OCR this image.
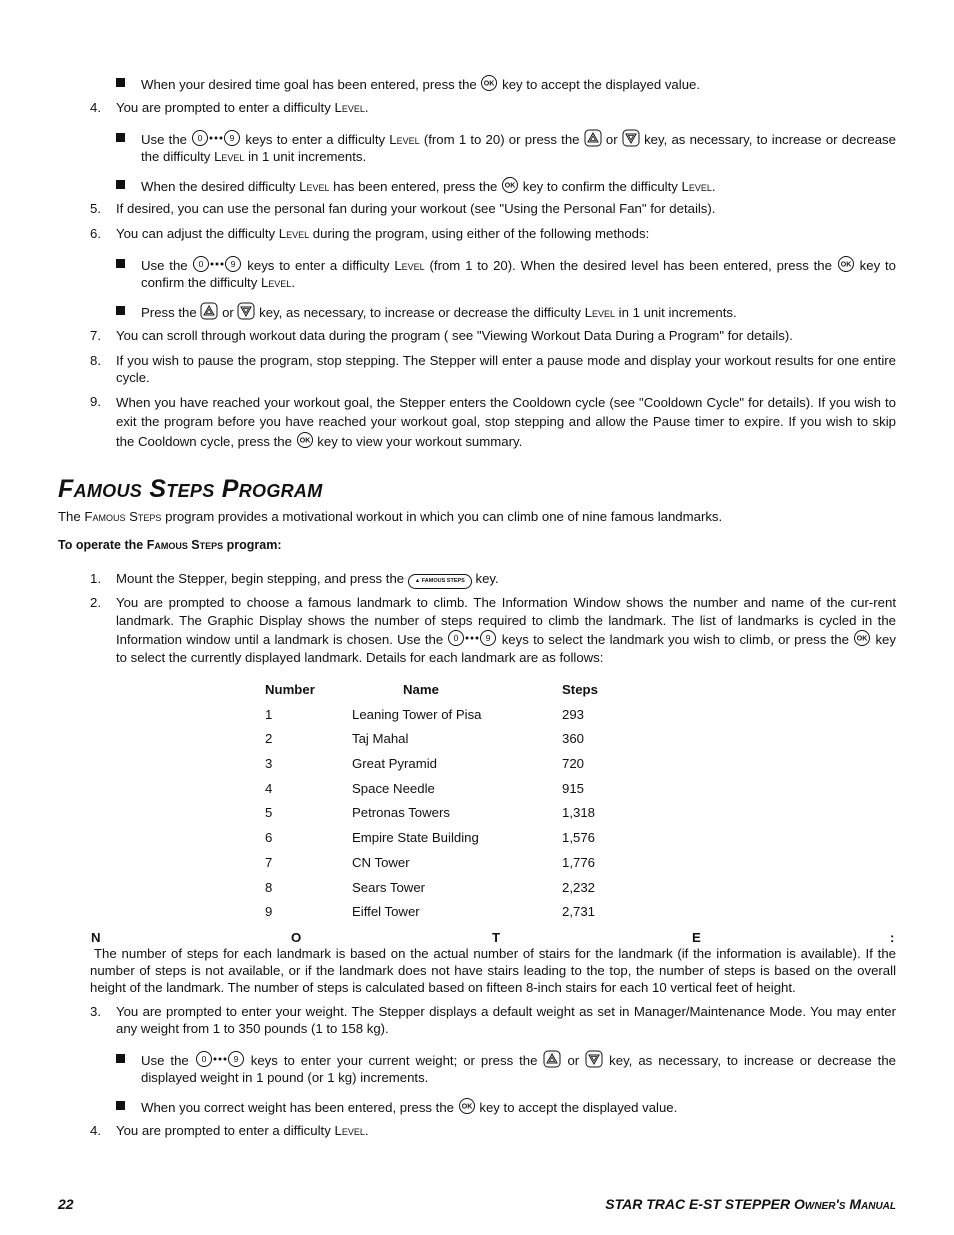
When your desired time goal has been entered, press the key to accept the displayed value.
4.	You are prompted to enter a difficulty Level.
Use the	keys to enter a difficulty Level (from 1 to 20) or press the or key, as necessary, to increase or decrease the difficulty Level in 1 unit increments.
When the desired difficulty Level has been entered, press the key to confirm the difficulty Level.
5.	If desired, you can use the personal fan during your workout (see "Using the Personal Fan" for details).
6.	You can adjust the difficulty Level during the program, using either of the following methods:
Use the	keys to enter a difficulty Level (from 1 to 20). When the desired level has been entered, press the key to confirm the difficulty Level.
Press the or key, as necessary, to increase or decrease the difficulty Level in 1 unit increments.
7.	You can scroll through workout data during the program ( see "Viewing Workout Data During a Program" for details).
8.	If you wish to pause the program, stop stepping. The Stepper will enter a pause mode and display your workout results for one entire cycle.
9.	When you have reached your workout goal, the Stepper enters the Cooldown cycle (see "Cooldown Cycle" for details). If you wish to exit the program before you have reached your workout goal, stop stepping and allow the Pause timer to expire. If you wish to skip the Cooldown cycle, press the key to view your workout summary.
Famous Steps Program
The Famous Steps program provides a motivational workout in which you can climb one of nine famous landmarks.
To operate the Famous Steps program:
1.	Mount the Stepper, begin stepping, and press the ▲ FAMOUS STEPS key.
2.	You are prompted to choose a famous landmark to climb. The Information Window shows the number and name of the cur-rent landmark. The Graphic Display shows the number of steps required to climb the landmark. The list of landmarks is cycled in the Information window until a landmark is chosen. Use the	keys to select the landmark you wish to climb, or press the key to select the currently displayed landmark. Details for each landmark are as follows:
Number	Name	Steps
1	Leaning Tower of Pisa	293
2	Taj Mahal	360
3	Great Pyramid	720
4	Space Needle	915
5	Petronas Towers	1,318
6	Empire State Building	1,576
7	CN Tower	1,776
8	Sears Tower	2,232
9	Eiffel Tower	2,731
N	O	T	E	:
The number of steps for each landmark is based on the actual number of stairs for the landmark (if the information is available). If the number of steps is not available, or if the landmark does not have stairs leading to the top, the number of steps is based on the overall height of the landmark. The number of steps is calculated based on fifteen 8-inch stairs for each 10 vertical feet of height.
3.	You are prompted to enter your weight. The Stepper displays a default weight as set in Manager/Maintenance Mode. You may enter any weight from 1 to 350 pounds (1 to 158 kg).
Use the	keys to enter your current weight; or press the or key, as necessary, to increase or decrease the displayed weight in 1 pound (or 1 kg) increments.
When you correct weight has been entered, press the key to accept the displayed value.
4.	You are prompted to enter a difficulty Level.
22	STAR TRAC E-ST STEPPER Owner's Manual
